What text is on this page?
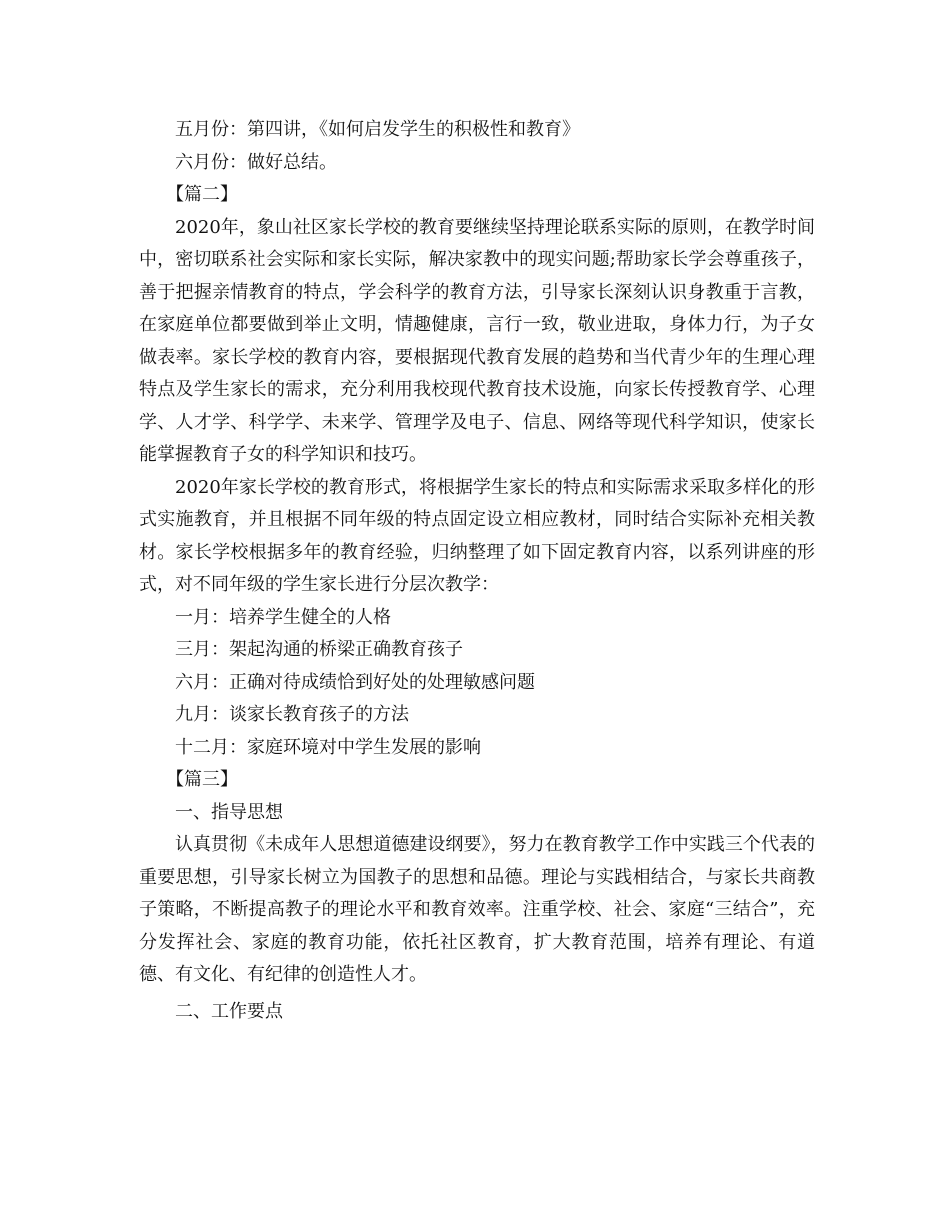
五月份：第四讲，《如何启发学生的积极性和教育》

六月份：做好总结。

【篇二】

2020年，象山社区家长学校的教育要继续坚持理论联系实际的原则，在教学时间中，密切联系社会实际和家长实际，解决家教中的现实问题;帮助家长学会尊重孩子，善于把握亲情教育的特点，学会科学的教育方法，引导家长深刻认识身教重于言教，在家庭单位都要做到举止文明，情趣健康，言行一致，敬业进取，身体力行，为子女做表率。家长学校的教育内容，要根据现代教育发展的趋势和当代青少年的生理心理特点及学生家长的需求，充分利用我校现代教育技术设施，向家长传授教育学、心理学、人才学、科学学、未来学、管理学及电子、信息、网络等现代科学知识，使家长能掌握教育子女的科学知识和技巧。

2020年家长学校的教育形式，将根据学生家长的特点和实际需求采取多样化的形式实施教育，并且根据不同年级的特点固定设立相应教材，同时结合实际补充相关教材。家长学校根据多年的教育经验，归纳整理了如下固定教育内容，以系列讲座的形式，对不同年级的学生家长进行分层次教学：

一月：培养学生健全的人格

三月：架起沟通的桥梁正确教育孩子

六月：正确对待成绩恰到好处的处理敏感问题

九月：谈家长教育孩子的方法

十二月：家庭环境对中学生发展的影响

【篇三】

一、指导思想

认真贯彻《未成年人思想道德建设纲要》，努力在教育教学工作中实践三个代表的重要思想，引导家长树立为国教子的思想和品德。理论与实践相结合，与家长共商教子策略，不断提高教子的理论水平和教育效率。注重学校、社会、家庭“三结合”，充分发挥社会、家庭的教育功能，依托社区教育，扩大教育范围，培养有理论、有道德、有文化、有纪律的创造性人才。

二、工作要点
